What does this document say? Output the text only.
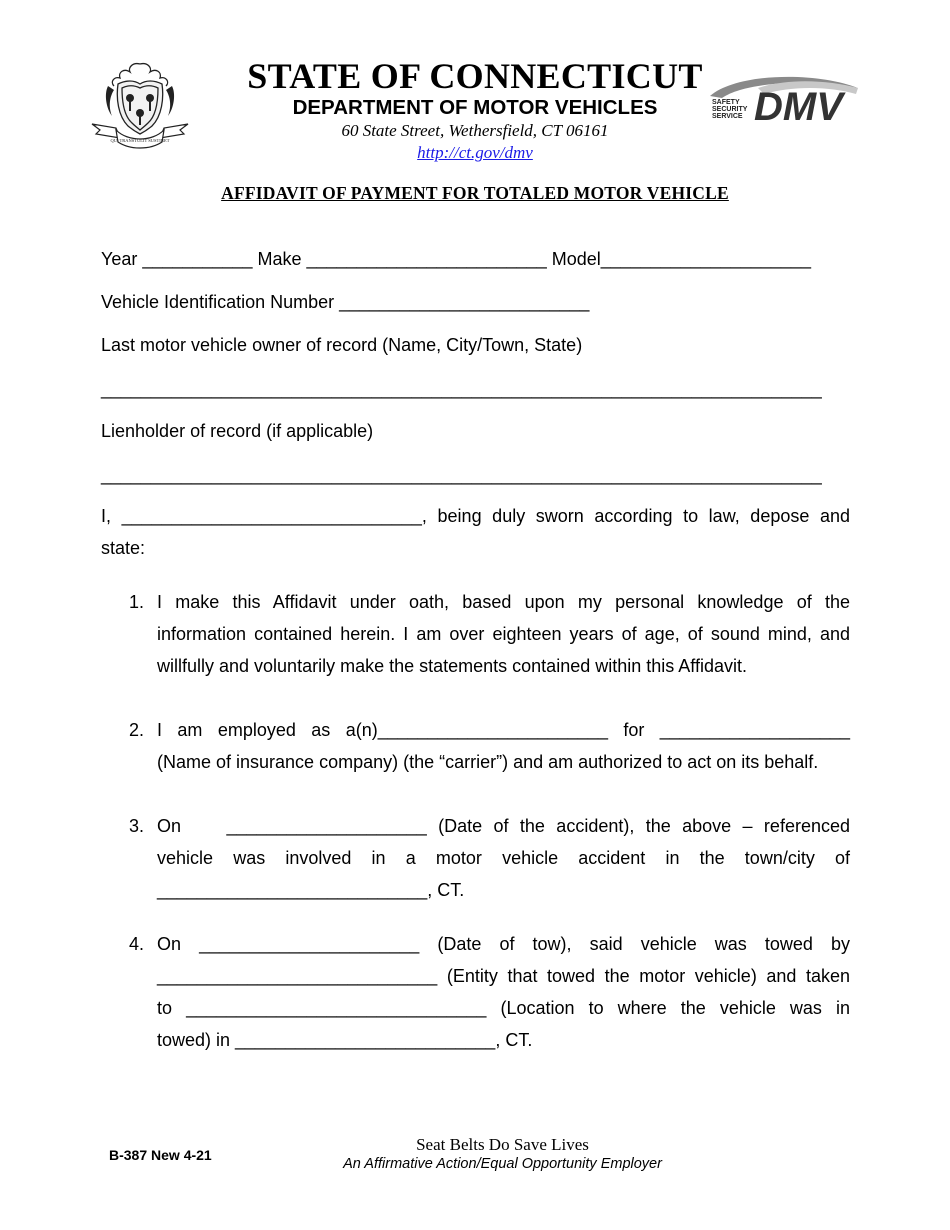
QUI TRANSTULIT SUSTINET
STATE OF CONNECTICUT
DEPARTMENT OF MOTOR VEHICLES
60 State Street, Wethersfield, CT 06161
http://ct.gov/dmv
SAFETY
SECURITY
SERVICE DMV
AFFIDAVIT OF PAYMENT FOR TOTALED MOTOR VEHICLE
Year ___________ Make ________________________ Model_____________________
Vehicle Identification Number _________________________
Last motor vehicle owner of record (Name, City/Town, State)
________________________________________________________________________
Lienholder of record (if applicable)
________________________________________________________________________
I, ______________________________, being duly sworn according to law, depose and
state:
1. I make this Affidavit under oath, based upon my personal knowledge of the
information contained herein. I am over eighteen years of age, of sound mind, and
willfully and voluntarily make the statements contained within this Affidavit.
2. I am employed as a(n)_______________________ for ___________________
(Name of insurance company) (the “carrier”) and am authorized to act on its behalf.
3. On    ____________________ (Date of the accident), the above – referenced
vehicle was involved in a motor vehicle accident in the town/city of
___________________________, CT.
4. On ______________________ (Date of tow), said vehicle was towed by
____________________________ (Entity that towed the motor vehicle) and taken
to ______________________________ (Location to where the vehicle was in
towed) in __________________________, CT.
B-387 New 4-21
Seat Belts Do Save Lives
An Affirmative Action/Equal Opportunity Employer
